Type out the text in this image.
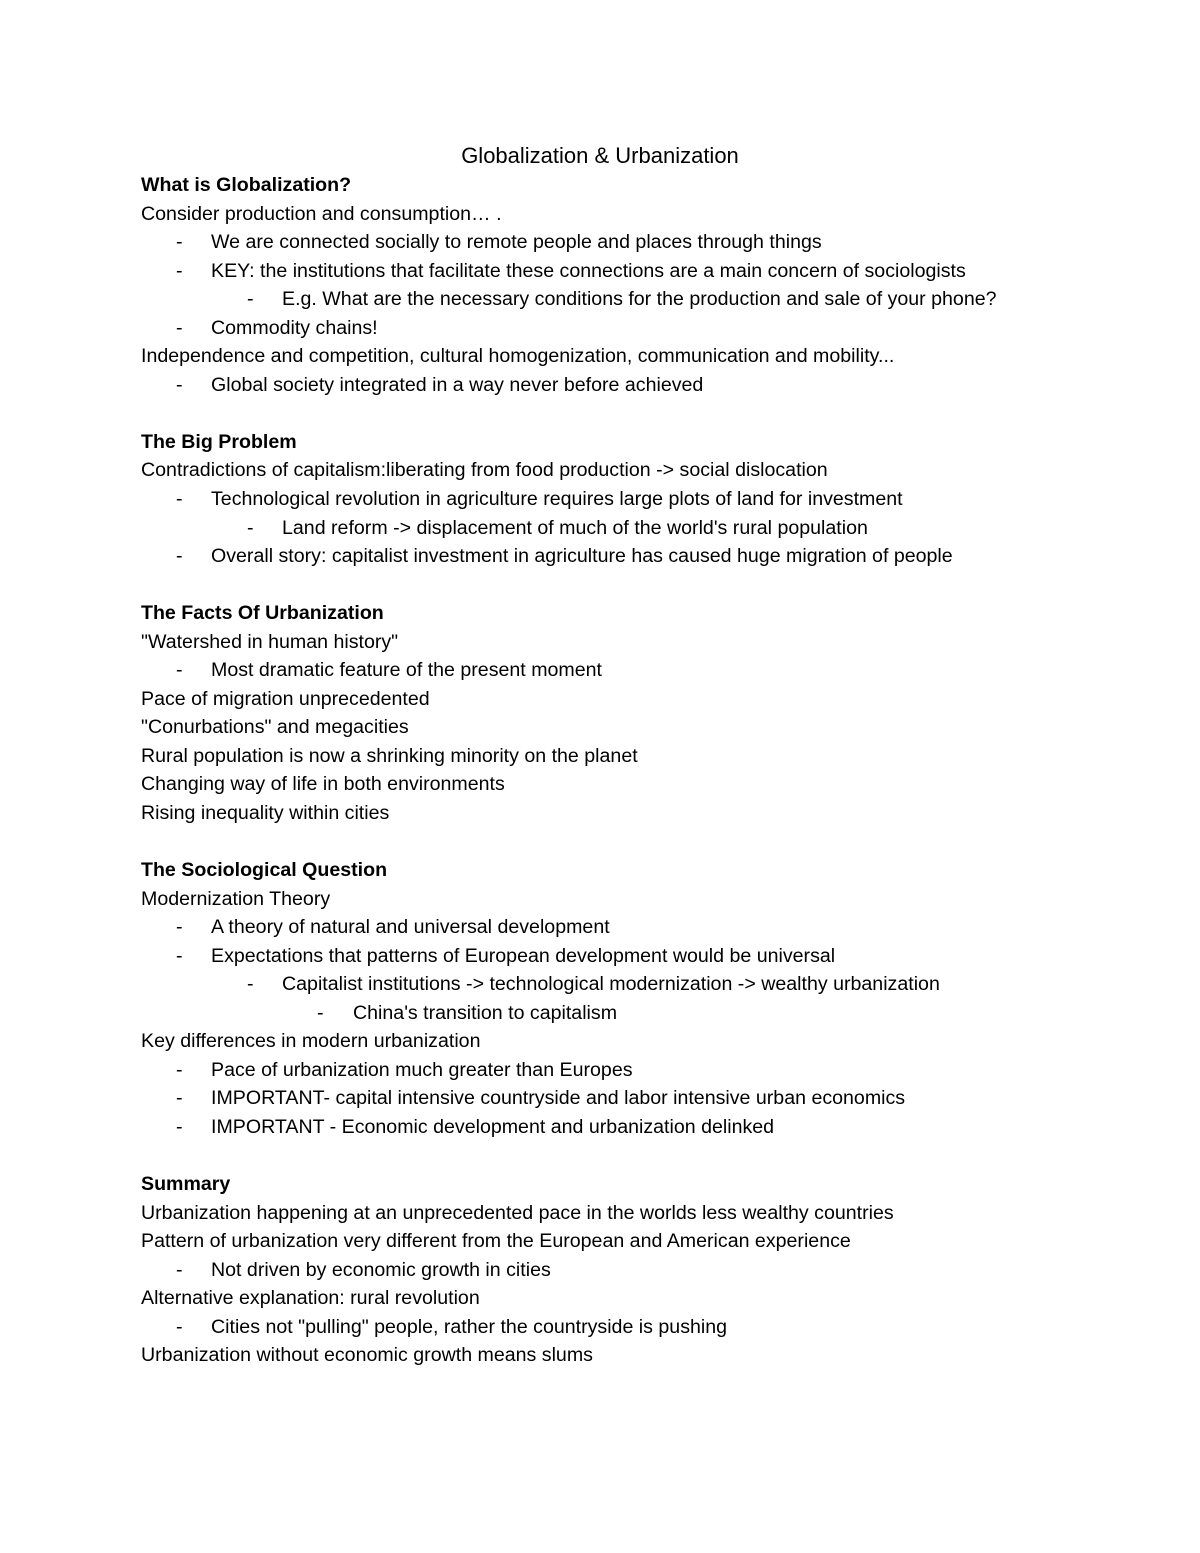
Globalization & Urbanization
What is Globalization?
Consider production and consumption… .
-	We are connected socially to remote people and places through things
-	KEY: the institutions that facilitate these connections are a main concern of sociologists
-	E.g. What are the necessary conditions for the production and sale of your phone?
-	Commodity chains!
Independence and competition, cultural homogenization, communication and mobility...
-	Global society integrated in a way never before achieved
The Big Problem
Contradictions of capitalism:liberating from food production -> social dislocation
-	Technological revolution in agriculture requires large plots of land for investment
-	Land reform -> displacement of much of the world's rural population
-	Overall story: capitalist investment in agriculture has caused huge migration of people
The Facts Of Urbanization
"Watershed in human history"
-	Most dramatic feature of the present moment
Pace of migration unprecedented
"Conurbations" and megacities
Rural population is now a shrinking minority on the planet
Changing way of life in both environments
Rising inequality within cities
The Sociological Question
Modernization Theory
-	A theory of natural and universal development
-	Expectations that patterns of European development would be universal
-	Capitalist institutions -> technological modernization -> wealthy urbanization
-	China's transition to capitalism
Key differences in modern urbanization
-	Pace of urbanization much greater than Europes
-	IMPORTANT- capital intensive countryside and labor intensive urban economics
-	IMPORTANT - Economic development and urbanization delinked
Summary
Urbanization happening at an unprecedented pace in the worlds less wealthy countries
Pattern of urbanization very different from the European and American experience
-	Not driven by economic growth in cities
Alternative explanation: rural revolution
-	Cities not "pulling" people, rather the countryside is pushing
Urbanization without economic growth means slums
